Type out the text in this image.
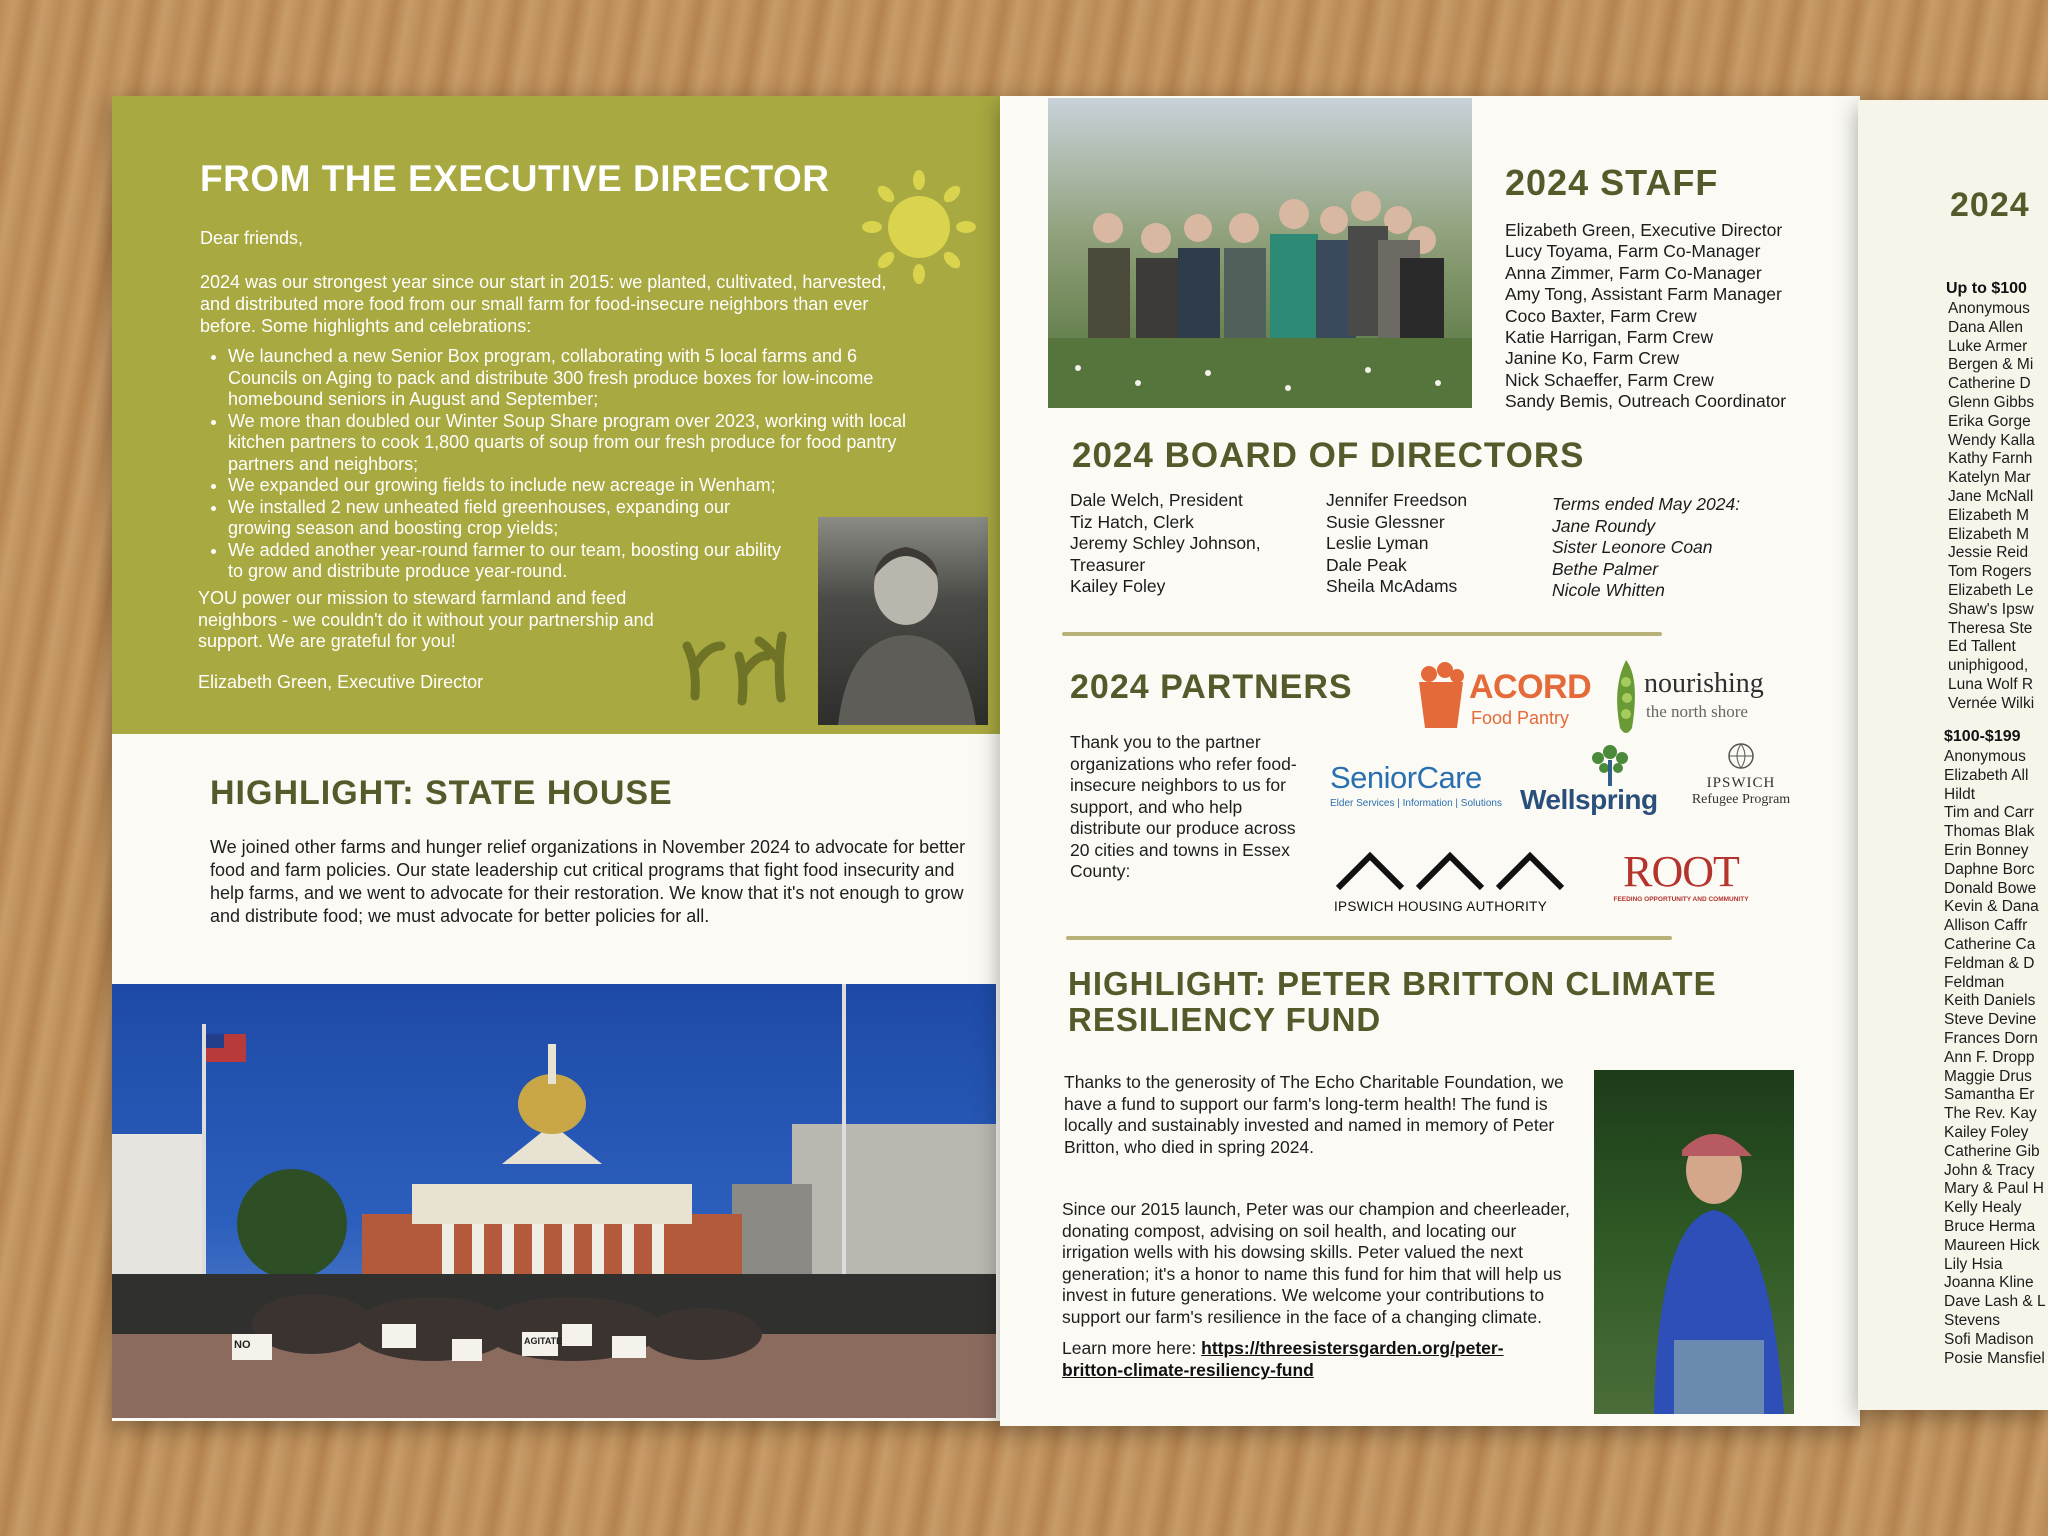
FROM THE EXECUTIVE DIRECTOR
Dear friends,
2024 was our strongest year since our start in 2015: we planted, cultivated, harvested, and distributed more food from our small farm for food-insecure neighbors than ever before. Some highlights and celebrations:
• We launched a new Senior Box program, collaborating with 5 local farms and 6 Councils on Aging to pack and distribute 300 fresh produce boxes for low-income homebound seniors in August and September;
• We more than doubled our Winter Soup Share program over 2023, working with local kitchen partners to cook 1,800 quarts of soup from our fresh produce for food pantry partners and neighbors;
• We expanded our growing fields to include new acreage in Wenham;
• We installed 2 new unheated field greenhouses, expanding our growing season and boosting crop yields;
• We added another year-round farmer to our team, boosting our ability to grow and distribute produce year-round.
YOU power our mission to steward farmland and feed neighbors - we couldn't do it without your partnership and support. We are grateful for you!
Elizabeth Green, Executive Director
HIGHLIGHT: STATE HOUSE
We joined other farms and hunger relief organizations in November 2024 to advocate for better food and farm policies. Our state leadership cut critical programs that fight food insecurity and help farms, and we went to advocate for their restoration. We know that it's not enough to grow and distribute food; we must advocate for better policies for all.
NO	AGITATE
2024 STAFF
Elizabeth Green, Executive Director
Lucy Toyama, Farm Co-Manager
Anna Zimmer, Farm Co-Manager
Amy Tong, Assistant Farm Manager
Coco Baxter, Farm Crew
Katie Harrigan, Farm Crew
Janine Ko, Farm Crew
Nick Schaeffer, Farm Crew
Sandy Bemis, Outreach Coordinator
2024 BOARD OF DIRECTORS
Dale Welch, President
Tiz Hatch, Clerk
Jeremy Schley Johnson,
Treasurer
Kailey Foley
Jennifer Freedson
Susie Glessner
Leslie Lyman
Dale Peak
Sheila McAdams
Terms ended May 2024:
Jane Roundy
Sister Leonore Coan
Bethe Palmer
Nicole Whitten
2024 PARTNERS
Thank you to the partner organizations who refer food-insecure neighbors to us for support, and who help distribute our produce across 20 cities and towns in Essex County:
ACORD
Food Pantry
nourishing
the north shore
SeniorCare
Elder Services | Information | Solutions Wellspring
IPSWICH
Refugee Program
IPSWICH HOUSING AUTHORITY
ROOT
FEEDING OPPORTUNITY AND COMMUNITY
HIGHLIGHT: PETER BRITTON CLIMATE
RESILIENCY FUND
Thanks to the generosity of The Echo Charitable Foundation, we have a fund to support our farm's long-term health! The fund is locally and sustainably invested and named in memory of Peter Britton, who died in spring 2024.
Since our 2015 launch, Peter was our champion and cheerleader, donating compost, advising on soil health, and locating our irrigation wells with his dowsing skills. Peter valued the next generation; it's a honor to name this fund for him that will help us invest in future generations. We welcome your contributions to support our farm's resilience in the face of a changing climate.
Learn more here: https://threesistersgarden.org/peter-
britton-climate-resiliency-fund
2024
Up to $100
Anonymous
Dana Allen
Luke Armer
Bergen & Mi
Catherine D
Glenn Gibbs
Erika Gorge
Wendy Kalla
Kathy Farnh
Katelyn Mar
Jane McNall
Elizabeth M
Elizabeth M
Jessie Reid
Tom Rogers
Elizabeth Le
Shaw's Ipsw
Theresa Ste
Ed Tallent
uniphigood,
Luna Wolf R
Vernée Wilki
$100-$199
Anonymous
Elizabeth All
Hildt
Tim and Carr
Thomas Blak
Erin Bonney
Daphne Borc
Donald Bowe
Kevin & Dana
Allison Caffr
Catherine Ca
Feldman & D
Feldman
Keith Daniels
Steve Devine
Frances Dorn
Ann F. Dropp
Maggie Drus
Samantha Er
The Rev. Kay
Kailey Foley
Catherine Gib
John & Tracy
Mary & Paul H
Kelly Healy
Bruce Herma
Maureen Hick
Lily Hsia
Joanna Kline
Dave Lash & L
Stevens
Sofi Madison
Posie Mansfiel
